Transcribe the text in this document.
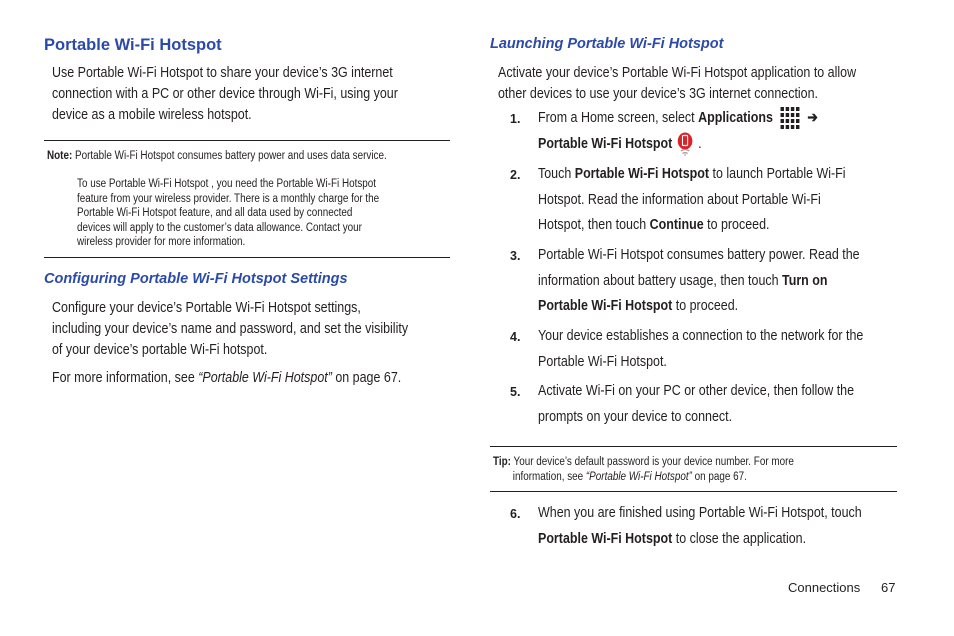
Portable Wi-Fi Hotspot
Use Portable Wi-Fi Hotspot to share your device’s 3G internet
connection with a PC or other device through Wi-Fi, using your
device as a mobile wireless hotspot.
Note: Portable Wi-Fi Hotspot consumes battery power and uses data service.
To use Portable Wi-Fi Hotspot , you need the Portable Wi-Fi Hotspot
feature from your wireless provider. There is a monthly charge for the
Portable Wi-Fi Hotspot feature, and all data used by connected
devices will apply to the customer’s data allowance. Contact your
wireless provider for more information.
Configuring Portable Wi-Fi Hotspot Settings
Configure your device’s Portable Wi-Fi Hotspot settings,
including your device’s name and password, and set the visibility
of your device’s portable Wi-Fi hotspot.
For more information, see “Portable Wi-Fi Hotspot” on page 67.
Launching Portable Wi-Fi Hotspot
Activate your device’s Portable Wi-Fi Hotspot application to allow
other devices to use your device’s 3G internet connection.
1. From a Home screen, select Applications ➔
Portable Wi-Fi Hotspot .
2. Touch Portable Wi-Fi Hotspot to launch Portable Wi-Fi
Hotspot. Read the information about Portable Wi-Fi
Hotspot, then touch Continue to proceed.
3. Portable Wi-Fi Hotspot consumes battery power. Read the
information about battery usage, then touch Turn on
Portable Wi-Fi Hotspot to proceed.
4. Your device establishes a connection to the network for the
Portable Wi-Fi Hotspot.
5. Activate Wi-Fi on your PC or other device, then follow the
prompts on your device to connect.
Tip: Your device’s default password is your device number. For more
information, see “Portable Wi-Fi Hotspot” on page 67.
6. When you are finished using Portable Wi-Fi Hotspot, touch
Portable Wi-Fi Hotspot to close the application.
Connections 67
